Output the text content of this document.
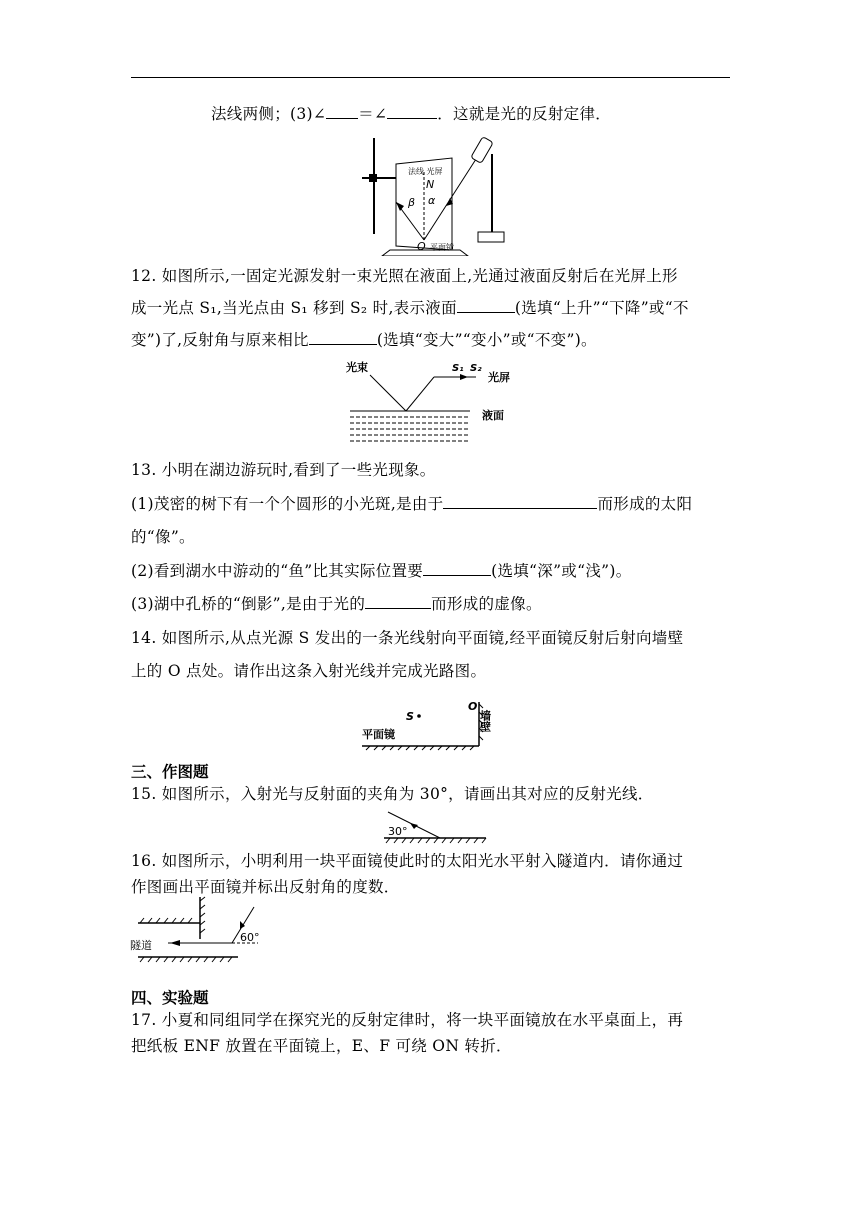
法线两侧；(3)∠ ＝∠	．这就是光的反射定律．
法线 光屏
N
β α
O 平面镜
12. 如图所示,一固定光源发射一束光照在液面上,光通过液面反射后在光屏上形
成一光点 S₁,当光点由 S₁ 移到 S₂ 时,表示液面	(选填“上升”“下降”或“不
变”)了,反射角与原来相比	(选填“变大”“变小”或“不变”)。
光束	S₁ S₂
光屏
液面
13. 小明在湖边游玩时,看到了一些光现象。
(1)茂密的树下有一个个圆形的小光斑,是由于	而形成的太阳
的“像”。
(2)看到湖水中游动的“鱼”比其实际位置要	(选填“深”或“浅”)。
(3)湖中孔桥的“倒影”,是由于光的	而形成的虚像。
14. 如图所示,从点光源 S 发出的一条光线射向平面镜,经平面镜反射后射向墙壁
上的 O 点处。请作出这条入射光线并完成光路图。
S
O
墙壁
平面镜
三、作图题
15. 如图所示，入射光与反射面的夹角为 30°，请画出其对应的反射光线．
30°
16. 如图所示，小明利用一块平面镜使此时的太阳光水平射入隧道内．请你通过
作图画出平面镜并标出反射角的度数．
隧道
60°
四、实验题
17. 小夏和同组同学在探究光的反射定律时，将一块平面镜放在水平桌面上，再
把纸板 ENF 放置在平面镜上，E、F 可绕 ON 转折．
